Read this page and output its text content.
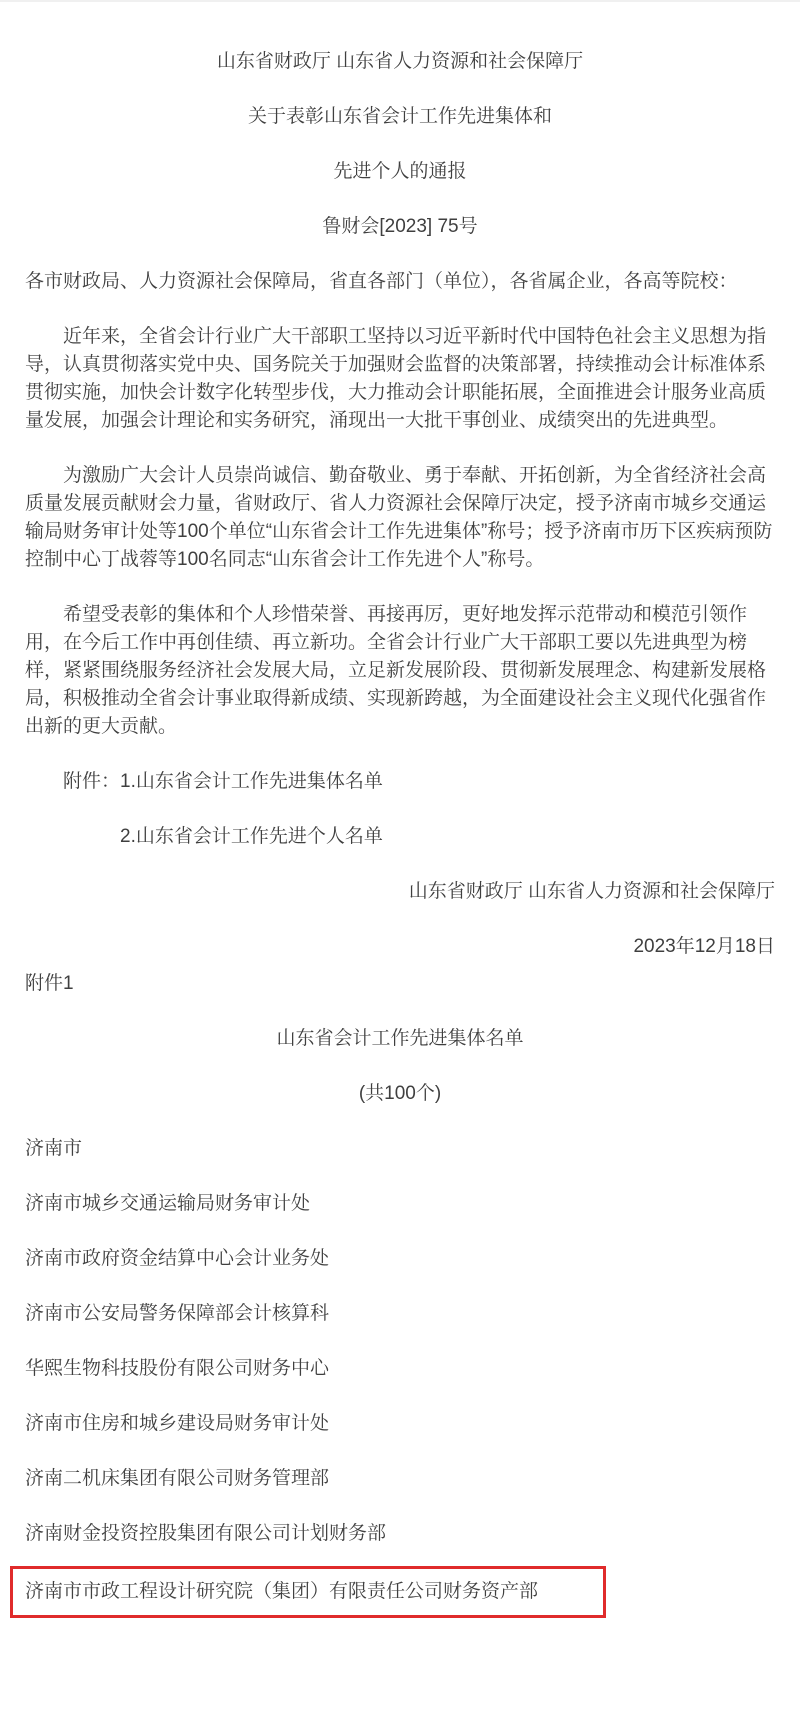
山东省财政厅 山东省人力资源和社会保障厅

关于表彰山东省会计工作先进集体和

先进个人的通报

鲁财会[2023] 75号

各市财政局、人力资源社会保障局，省直各部门（单位），各省属企业，各高等院校：

近年来，全省会计行业广大干部职工坚持以习近平新时代中国特色社会主义思想为指导，认真贯彻落实党中央、国务院关于加强财会监督的决策部署，持续推动会计标准体系贯彻实施，加快会计数字化转型步伐，大力推动会计职能拓展，全面推进会计服务业高质量发展，加强会计理论和实务研究，涌现出一大批干事创业、成绩突出的先进典型。

为激励广大会计人员崇尚诚信、勤奋敬业、勇于奉献、开拓创新，为全省经济社会高质量发展贡献财会力量，省财政厅、省人力资源社会保障厅决定，授予济南市城乡交通运输局财务审计处等100个单位“山东省会计工作先进集体”称号；授予济南市历下区疾病预防控制中心丁战蓉等100名同志“山东省会计工作先进个人”称号。

希望受表彰的集体和个人珍惜荣誉、再接再厉，更好地发挥示范带动和模范引领作用，在今后工作中再创佳绩、再立新功。全省会计行业广大干部职工要以先进典型为榜样，紧紧围绕服务经济社会发展大局，立足新发展阶段、贯彻新发展理念、构建新发展格局，积极推动全省会计事业取得新成绩、实现新跨越，为全面建设社会主义现代化强省作出新的更大贡献。

附件：1.山东省会计工作先进集体名单

2.山东省会计工作先进个人名单

山东省财政厅 山东省人力资源和社会保障厅

2023年12月18日

附件1

山东省会计工作先进集体名单

(共100个)

济南市

济南市城乡交通运输局财务审计处

济南市政府资金结算中心会计业务处

济南市公安局警务保障部会计核算科

华熙生物科技股份有限公司财务中心

济南市住房和城乡建设局财务审计处

济南二机床集团有限公司财务管理部

济南财金投资控股集团有限公司计划财务部

济南市市政工程设计研究院（集团）有限责任公司财务资产部
